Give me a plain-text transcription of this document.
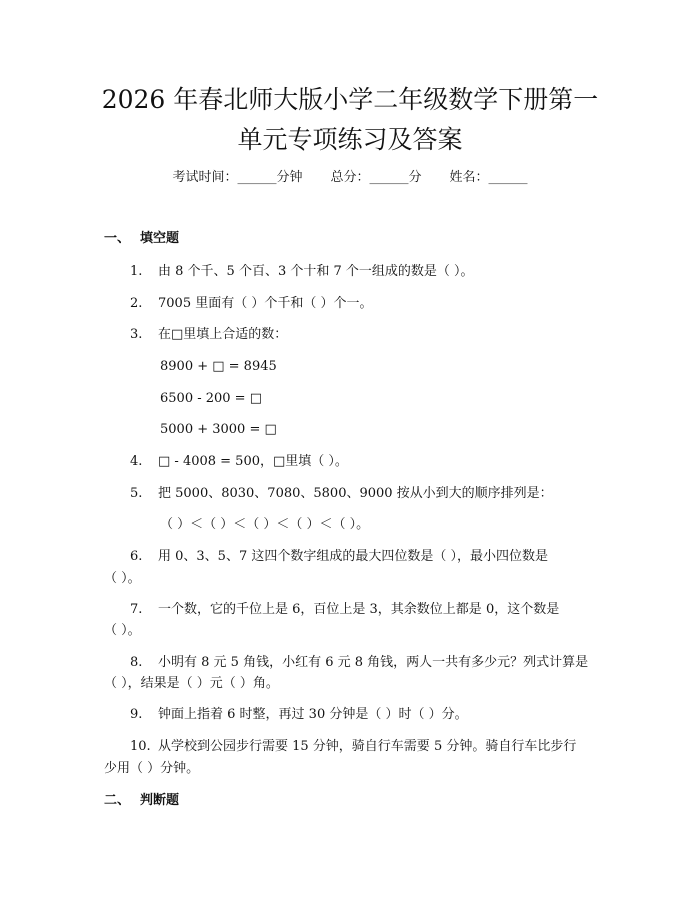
2026 年春北师大版小学二年级数学下册第一
单元专项练习及答案
考试时间：______分钟 总分：______分 姓名：______
一、 填空题
1. 由 8 个千、5 个百、3 个十和 7 个一组成的数是（ ）。
2. 7005 里面有（ ）个千和（ ）个一。
3. 在□里填上合适的数：
8900 + □ = 8945
6500 - 200 = □
5000 + 3000 = □
4. □ - 4008 = 500，□里填（ ）。
5. 把 5000、8030、7080、5800、9000 按从小到大的顺序排列是：
（ ）＜（ ）＜（ ）＜（ ）＜（ ）。
6. 用 0、3、5、7 这四个数字组成的最大四位数是（ ），最小四位数是
（ ）。
7. 一个数，它的千位上是 6，百位上是 3，其余数位上都是 0，这个数是
（ ）。
8. 小明有 8 元 5 角钱，小红有 6 元 8 角钱，两人一共有多少元？列式计算是
（ ），结果是（ ）元（ ）角。
9. 钟面上指着 6 时整，再过 30 分钟是（ ）时（ ）分。
10. 从学校到公园步行需要 15 分钟，骑自行车需要 5 分钟。骑自行车比步行
少用（ ）分钟。
二、 判断题
